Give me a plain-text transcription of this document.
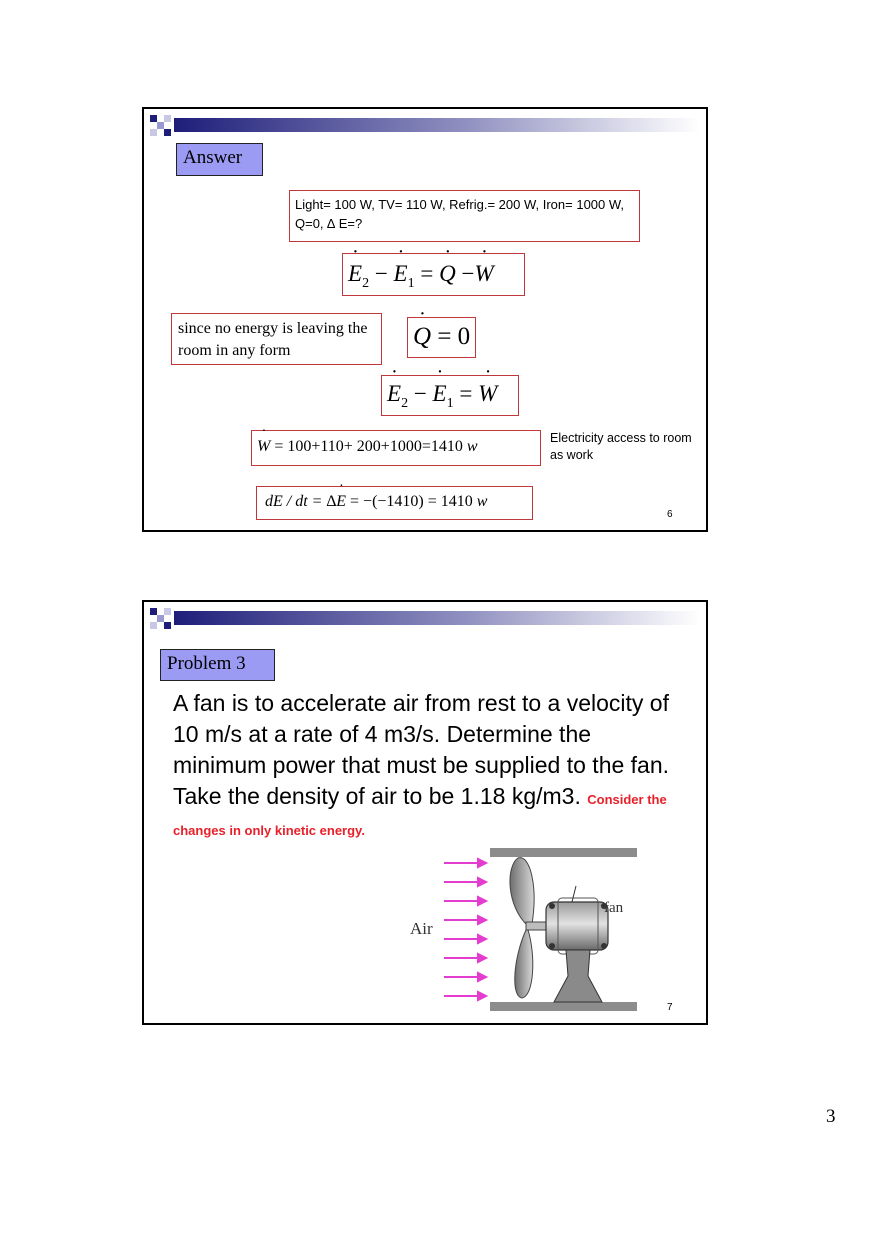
Answer
Light= 100 W, TV= 110 W, Refrig.= 200 W, Iron= 1000 W, Q=0, ∆ E=?
˙ $E_2$ − ˙ $E_1$ = ˙ Q −˙ W
since no energy is leaving the room in any form
˙ Q = 0
˙ $E_2$ − ˙ $E_1$ = ˙ W
˙ W = 100+110+ 200+1000=1410 w	Electricity access to room as work
dE / dt = ∆˙ E = −(−1410) = 1410 w
6
Problem 3
A fan is to accelerate air from rest to a velocity of 10 m/s at a rate of 4 m3/s. Determine the minimum power that must be supplied to the fan. Take the density of air to be 1.18 kg/m3. Consider the changes in only kinetic energy.
Air
fan
7
3
